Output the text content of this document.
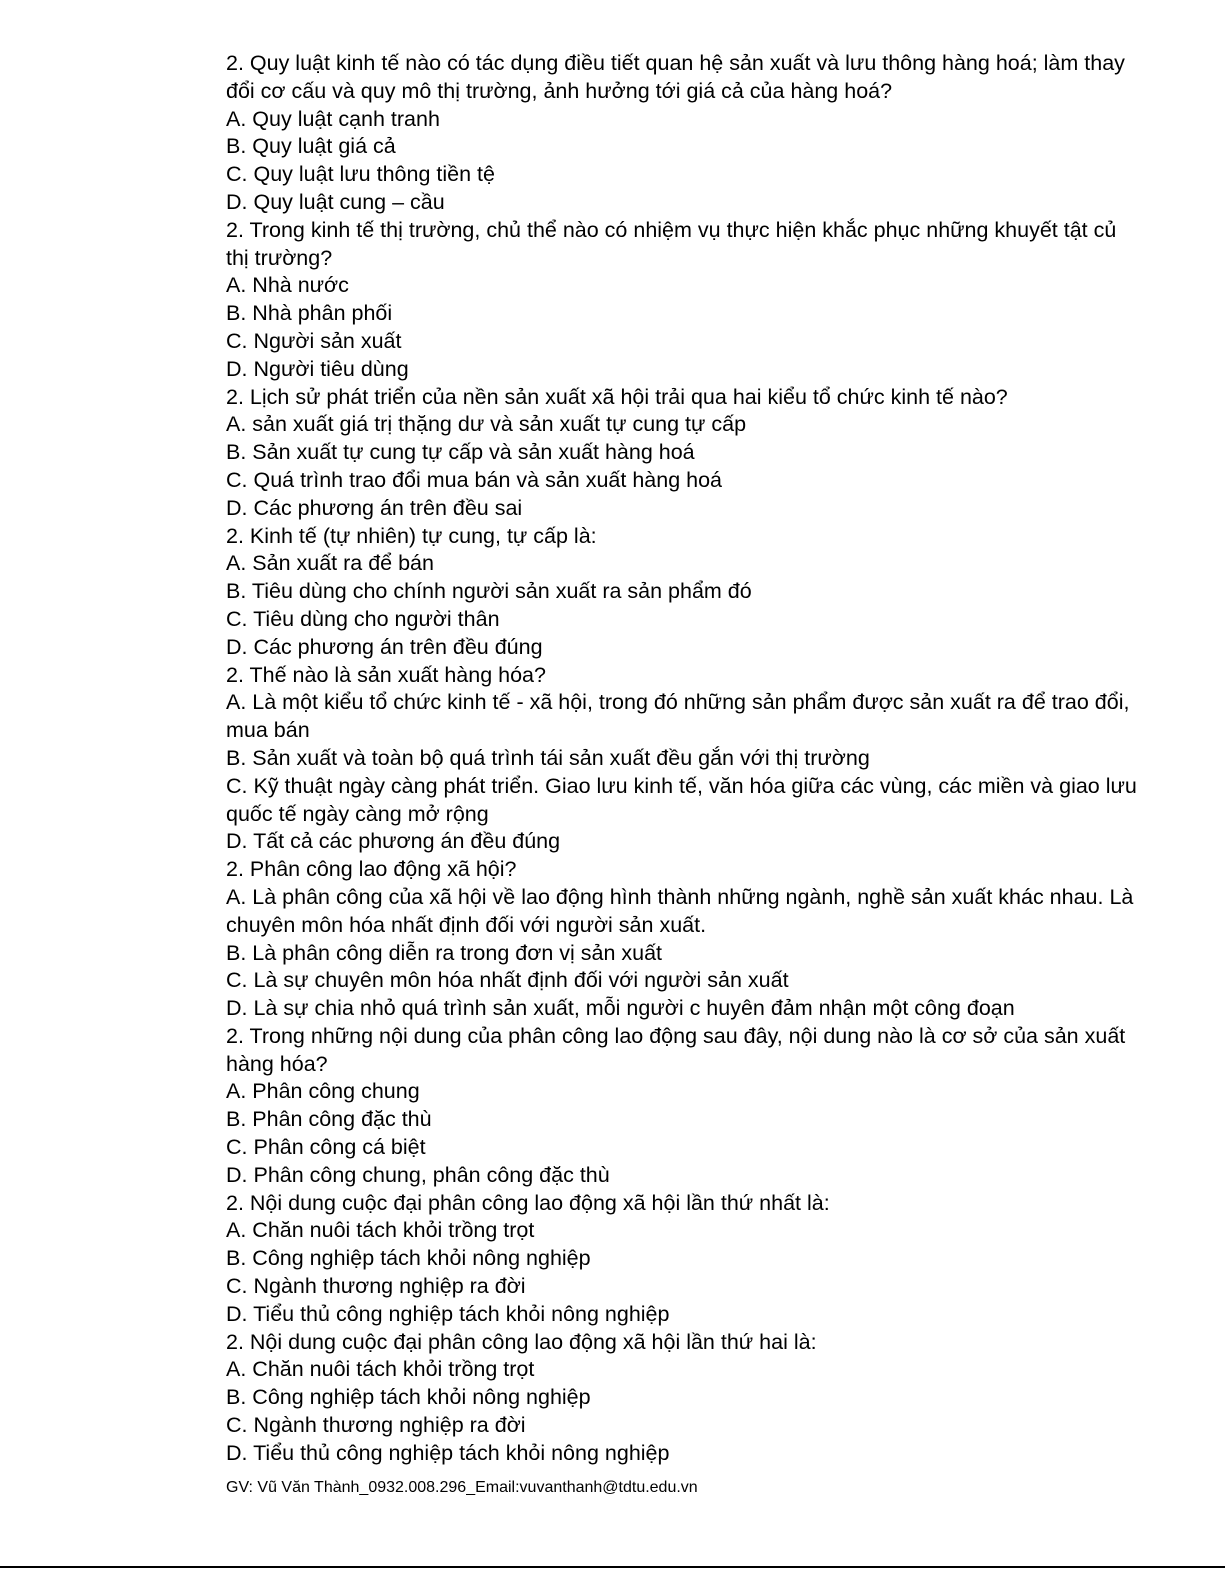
2. Quy luật kinh tế nào có tác dụng điều tiết quan hệ sản xuất và lưu thông hàng hoá; làm thay
đổi cơ cấu và quy mô thị trường, ảnh hưởng tới giá cả của hàng hoá?
A. Quy luật cạnh tranh
B. Quy luật giá cả
C. Quy luật lưu thông tiền tệ
D. Quy luật cung – cầu
2. Trong kinh tế thị trường, chủ thể nào có nhiệm vụ thực hiện khắc phục những khuyết tật củ
thị trường?
A. Nhà nước
B. Nhà phân phối
C. Người sản xuất
D. Người tiêu dùng
2. Lịch sử phát triển của nền sản xuất xã hội trải qua hai kiểu tổ chức kinh tế nào?
A. sản xuất giá trị thặng dư và sản xuất tự cung tự cấp
B. Sản xuất tự cung tự cấp và sản xuất hàng hoá
C. Quá trình trao đổi mua bán và sản xuất hàng hoá
D. Các phương án trên đều sai
2. Kinh tế (tự nhiên) tự cung, tự cấp là:
A. Sản xuất ra để bán
B. Tiêu dùng cho chính người sản xuất ra sản phẩm đó
C. Tiêu dùng cho người thân
D. Các phương án trên đều đúng
2. Thế nào là sản xuất hàng hóa?
A. Là một kiểu tổ chức kinh tế - xã hội, trong đó những sản phẩm được sản xuất ra để trao đổi,
mua bán
B. Sản xuất và toàn bộ quá trình tái sản xuất đều gắn với thị trường
C. Kỹ thuật ngày càng phát triển. Giao lưu kinh tế, văn hóa giữa các vùng, các miền và giao lưu
quốc tế ngày càng mở rộng
D. Tất cả các phương án đều đúng
2. Phân công lao động xã hội?
A. Là phân công của xã hội về lao động hình thành những ngành, nghề sản xuất khác nhau. Là
chuyên môn hóa nhất định đối với người sản xuất.
B. Là phân công diễn ra trong đơn vị sản xuất
C. Là sự chuyên môn hóa nhất định đối với người sản xuất
D. Là sự chia nhỏ quá trình sản xuất, mỗi người c huyên đảm nhận một công đoạn
2. Trong những nội dung của phân công lao động sau đây, nội dung nào là cơ sở của sản xuất
hàng hóa?
A. Phân công chung
B. Phân công đặc thù
C. Phân công cá biệt
D. Phân công chung, phân công đặc thù
2. Nội dung cuộc đại phân công lao động xã hội lần thứ nhất là:
A. Chăn nuôi tách khỏi trồng trọt
B. Công nghiệp tách khỏi nông nghiệp
C. Ngành thương nghiệp ra đời
D. Tiểu thủ công nghiệp tách khỏi nông nghiệp
2. Nội dung cuộc đại phân công lao động xã hội lần thứ hai là:
A. Chăn nuôi tách khỏi trồng trọt
B. Công nghiệp tách khỏi nông nghiệp
C. Ngành thương nghiệp ra đời
D. Tiểu thủ công nghiệp tách khỏi nông nghiệp
GV: Vũ Văn Thành_0932.008.296_Email:vuvanthanh@tdtu.edu.vn
